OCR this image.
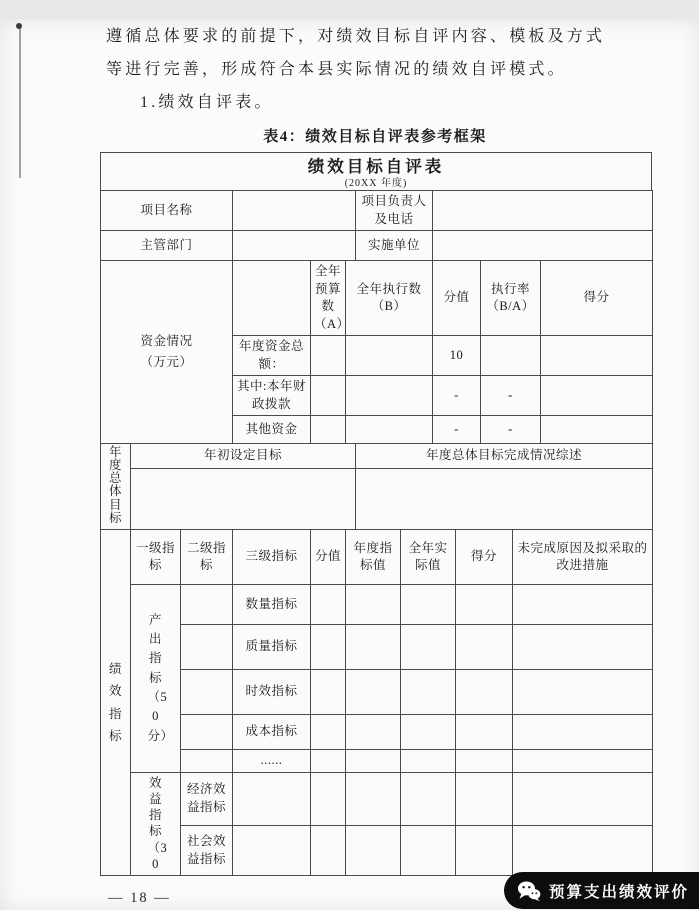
遵循总体要求的前提下，对绩效目标自评内容、模板及方式等进行完善，形成符合本县实际情况的绩效自评模式。

1.绩效自评表。

表4：绩效目标自评表参考框架

绩效目标自评表
(20XX 年度)
项目名称		项目负责人及电话	
主管部门		实施单位	
资金情况（万元）		全年预算数（A）	全年执行数（B）	分值	执行率（B/A）	得分
	年度资金总额：			10		
	其中:本年财政拨款			-	-	
	其他资金			-	-	
年度总体目标	年初设定目标	年度总体目标完成情况综述

绩效指标	一级指标	二级指标	三级指标	分值	年度指标值	全年实际值	得分	未完成原因及拟采取的改进措施
	产出指标（50分）		数量指标					
			质量指标					
			时效指标					
			成本指标					
			......					
	效益指标（30	经济效益指标						
		社会效益指标						
— 18 —	预算支出绩效评价
